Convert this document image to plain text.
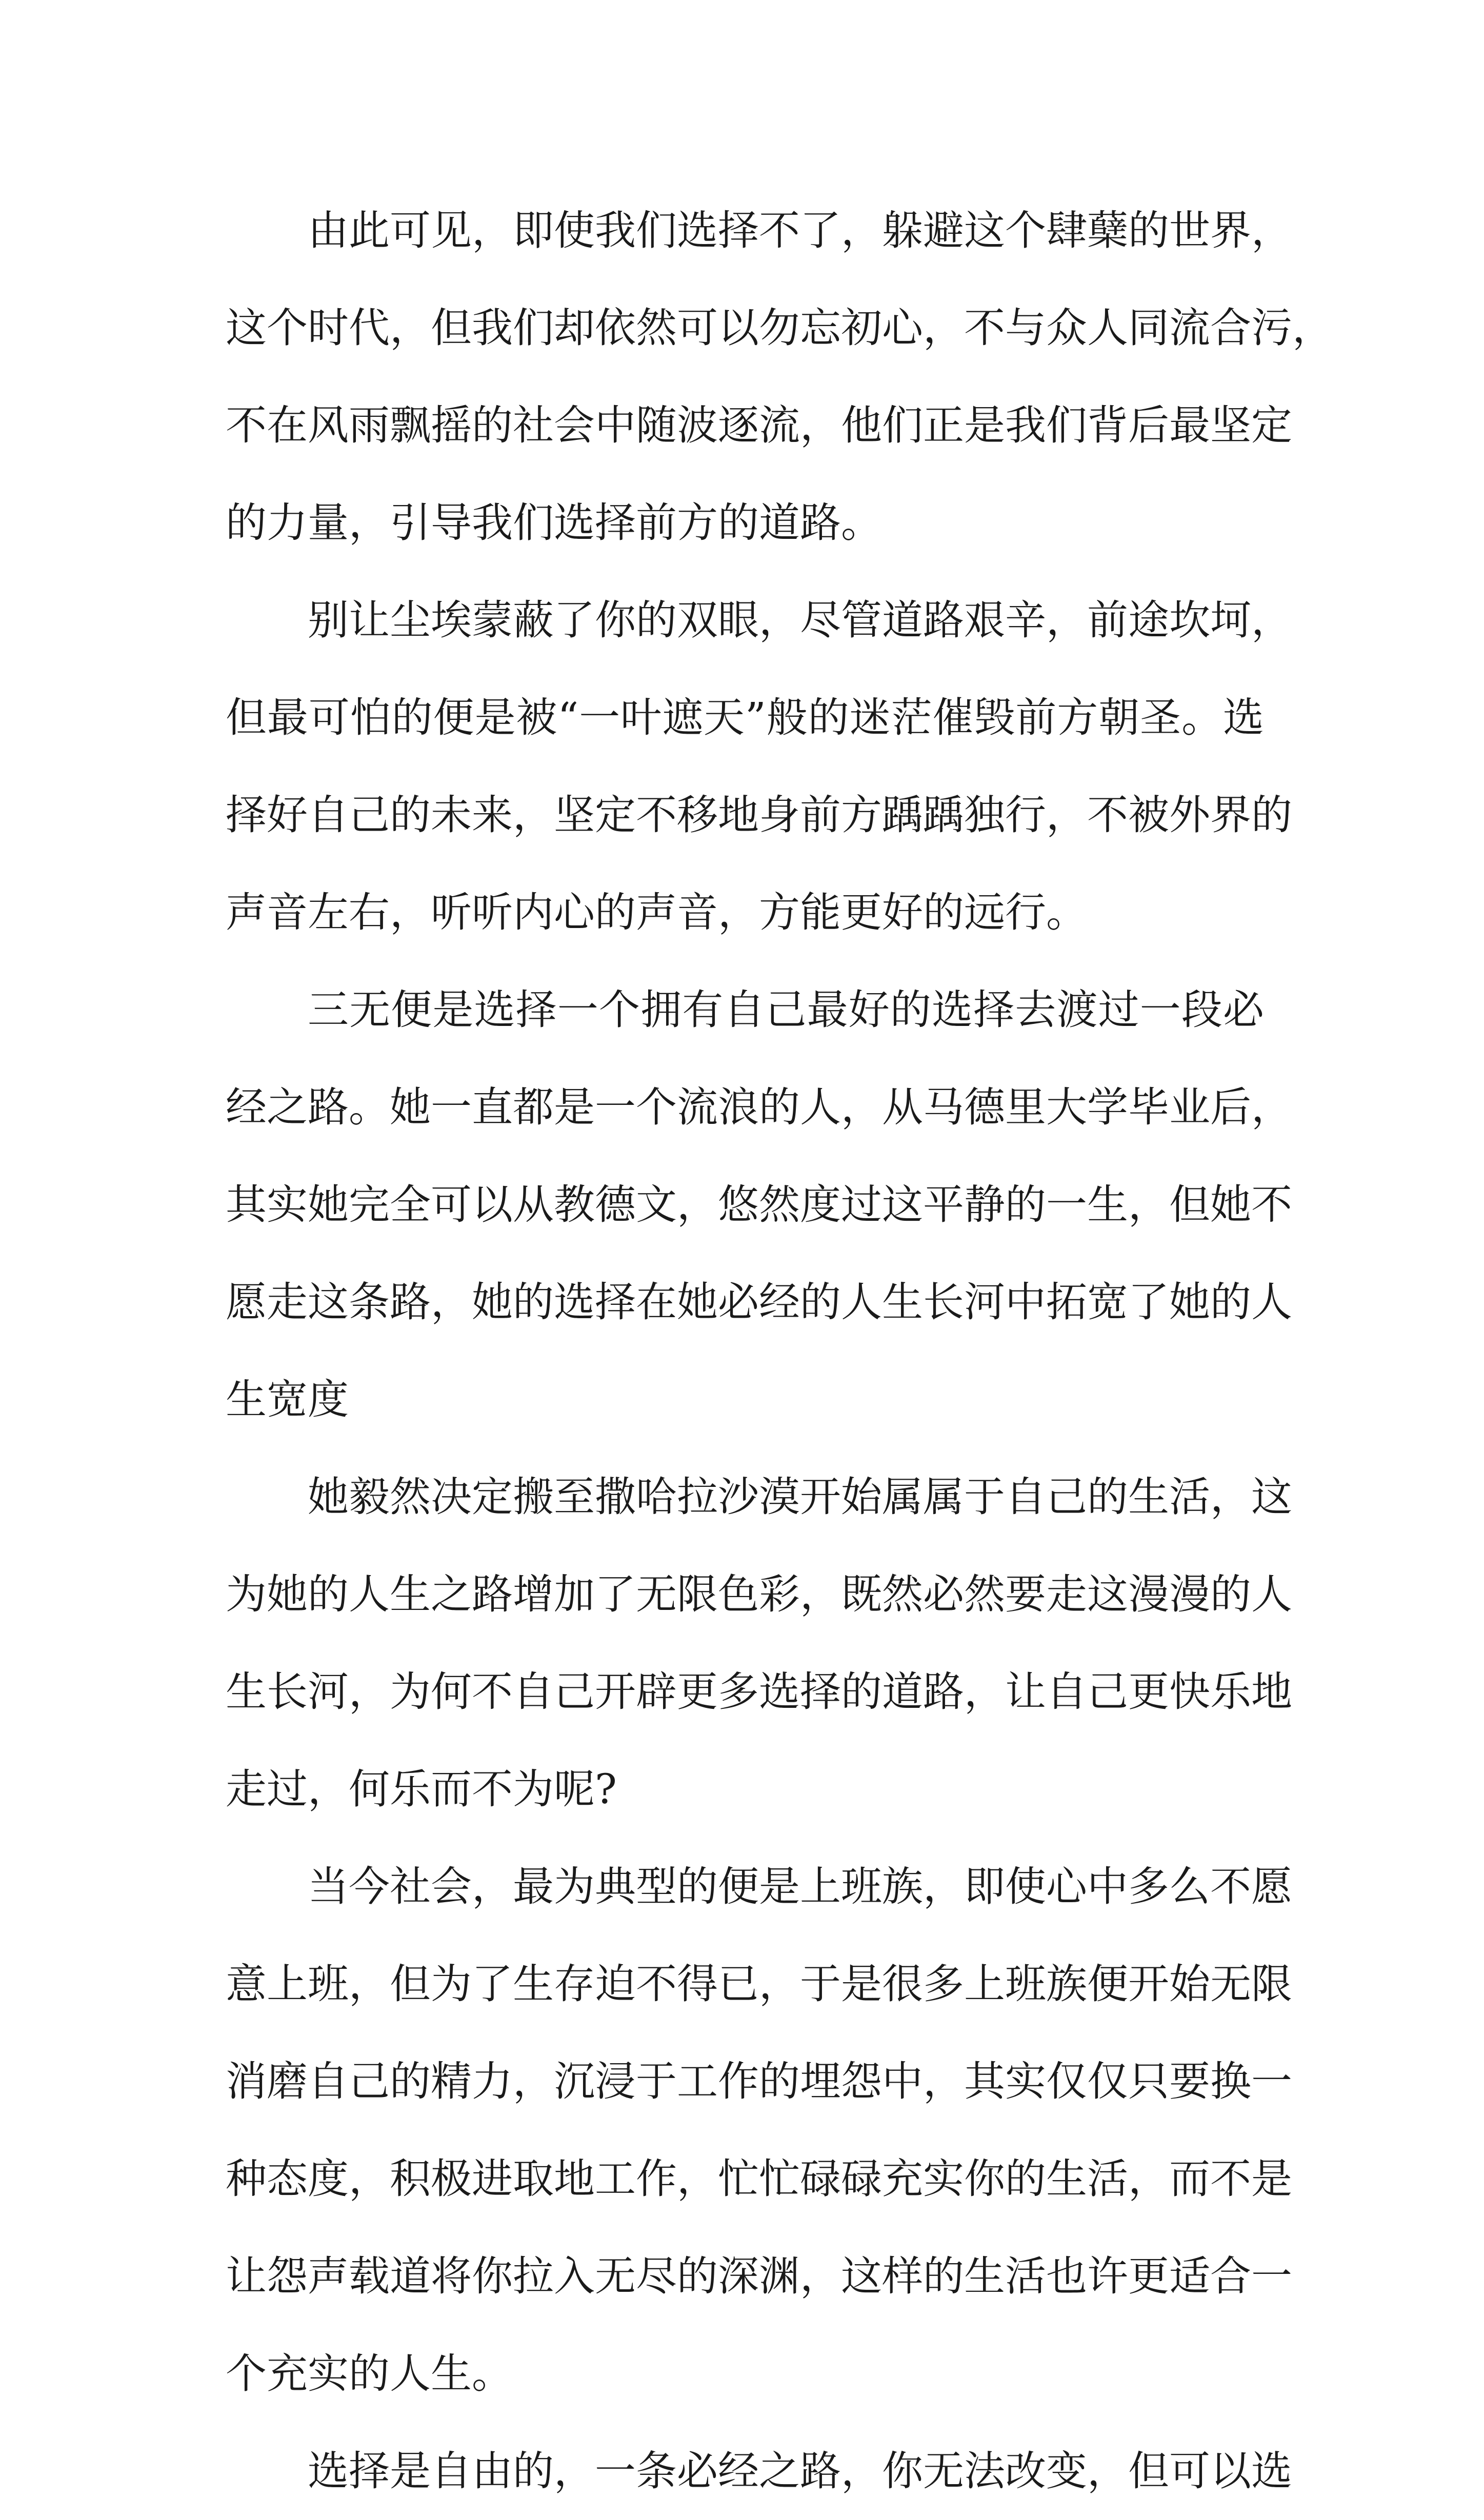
由此可见，即使我们选择不了，躲避这个肆蘖的世界，
这个时代，但我们却依然可以勿忘初心，不与众人同流合污，
不在风雨飘摇的社会中随波逐流，他们正是我们背后最坚定
的力量，引导我们选择前方的道路。
别让尘埃蒙蔽了你的双眼，尽管道路艰辛，前途坎坷，
但最可怕的便是被“一叶遮天”般的迷茫催毁前方朝圣。选
择好自己的未来，坚定不移地身前方踽踽独行，不被外界的
声音左右，听听内心的声音，方能更好的远行。
三无便是选择一个拥有自己最好的选择去渡过一段必
经之路。她一直都是一个流浪的人，从马德里大学毕业后，
其实她完全可以从教德文，悠然度过这平静的一生，但她不
愿走这条路，她的选择在她必经的人生长河中拓宽了她的人
生宽度
她毅然决定搬至撒哈拉沙漠开始属属于自己的生活，这
为她的人生之路增加了无限色彩，既然必然要走这漫漫的人
生长河，为何不自己开辟更多选择的道路，让自己更快乐地
走过，何乐而不为呢?
当今社会，最为典型的便是上班族，即使心中多么不愿
意上班，但为了生存迫不得已，于是很多上班族便开始无限
消磨自己的精力，沉浸于工作的埋怨中，其实仅仅只要换一
种态度，积极进取地工作，忙忙碌碌充实你的生活，而不是
让怨声载道将你拉入无尽的深渊，这样的生活也许更适合一
个充实的人生。
选择是自由的，一条必经之路，你无法改变，但可以选
